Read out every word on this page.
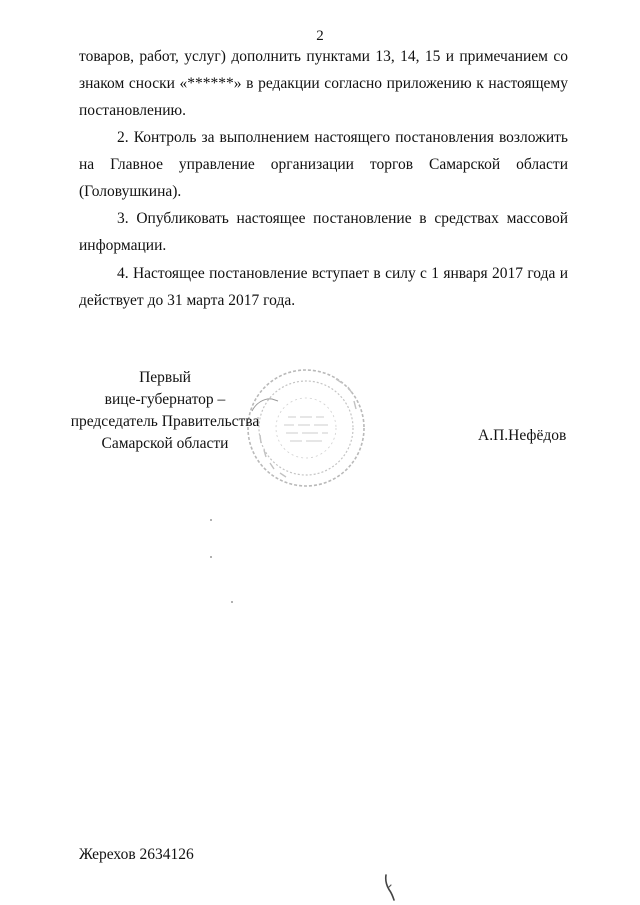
2

товаров, работ, услуг) дополнить пунктами 13, 14, 15 и примечанием со знаком сноски «******» в редакции согласно приложению к настоящему постановлению.

2. Контроль за выполнением настоящего постановления возложить на Главное управление организации торгов Самарской области (Головушкина).

3. Опубликовать настоящее постановление в средствах массовой информации.

4. Настоящее постановление вступает в силу с 1 января 2017 года и действует до 31 марта 2017 года.

Первый
вице-губернатор –
председатель Правительства
Самарской области	А.П.Нефёдов
Жерехов 2634126
